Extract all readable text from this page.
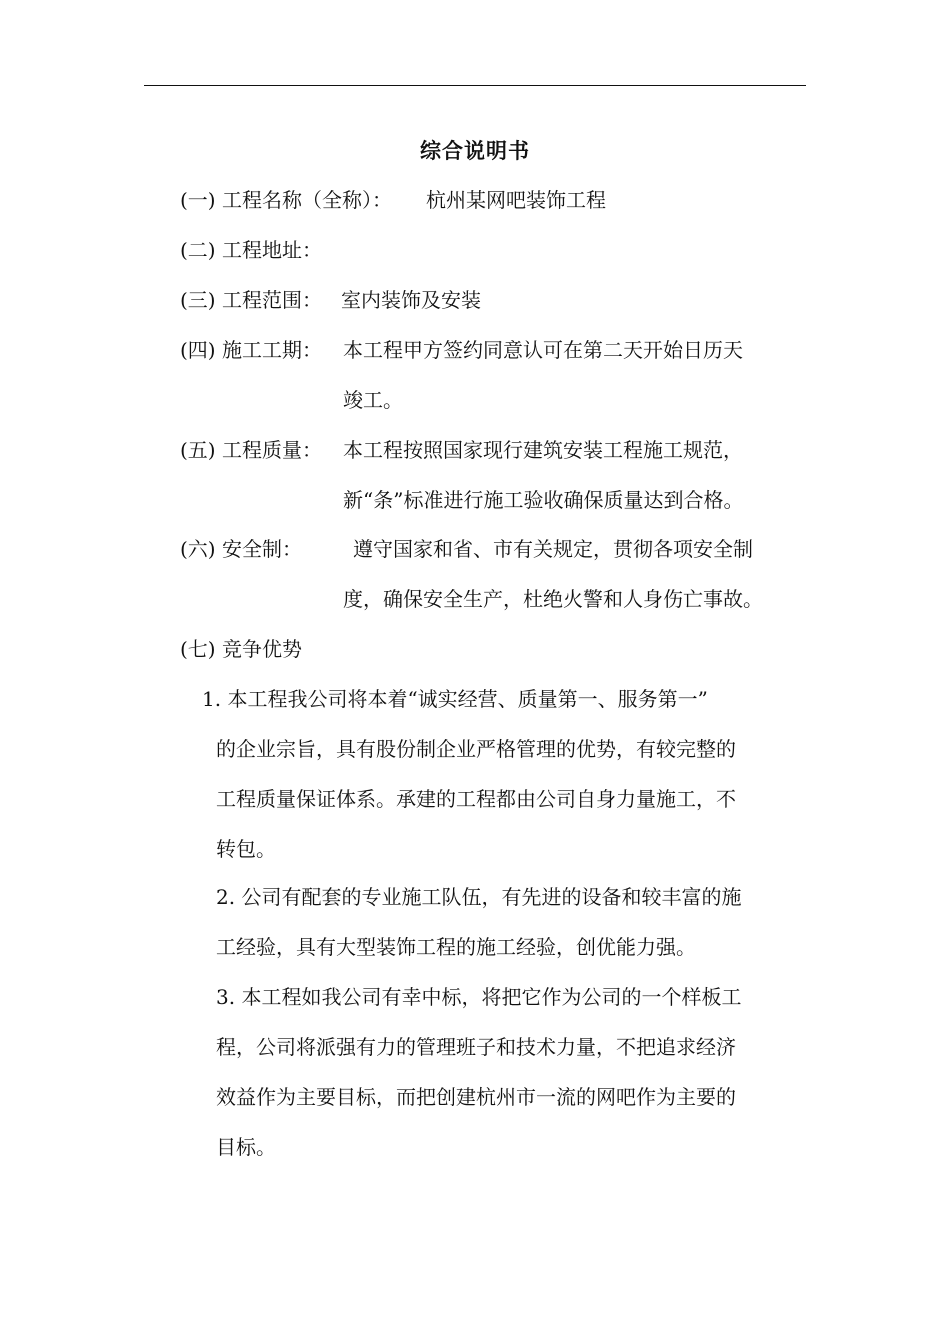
综合说明书
(一) 工程名称（全称）： 杭州某网吧装饰工程
(二) 工程地址：
(三) 工程范围： 室内装饰及安装
(四) 施工工期： 本工程甲方签约同意认可在第二天开始日历天
竣工。
(五) 工程质量： 本工程按照国家现行建筑安装工程施工规范，
新“条”标准进行施工验收确保质量达到合格。
(六) 安全制：	遵守国家和省、市有关规定，贯彻各项安全制
度，确保安全生产，杜绝火警和人身伤亡事故。
(七) 竞争优势
1. 本工程我公司将本着“诚实经营、质量第一、服务第一”
的企业宗旨，具有股份制企业严格管理的优势，有较完整的
工程质量保证体系。承建的工程都由公司自身力量施工，不
转包。
2. 公司有配套的专业施工队伍，有先进的设备和较丰富的施
工经验，具有大型装饰工程的施工经验，创优能力强。
3. 本工程如我公司有幸中标，将把它作为公司的一个样板工
程，公司将派强有力的管理班子和技术力量，不把追求经济
效益作为主要目标，而把创建杭州市一流的网吧作为主要的
目标。
